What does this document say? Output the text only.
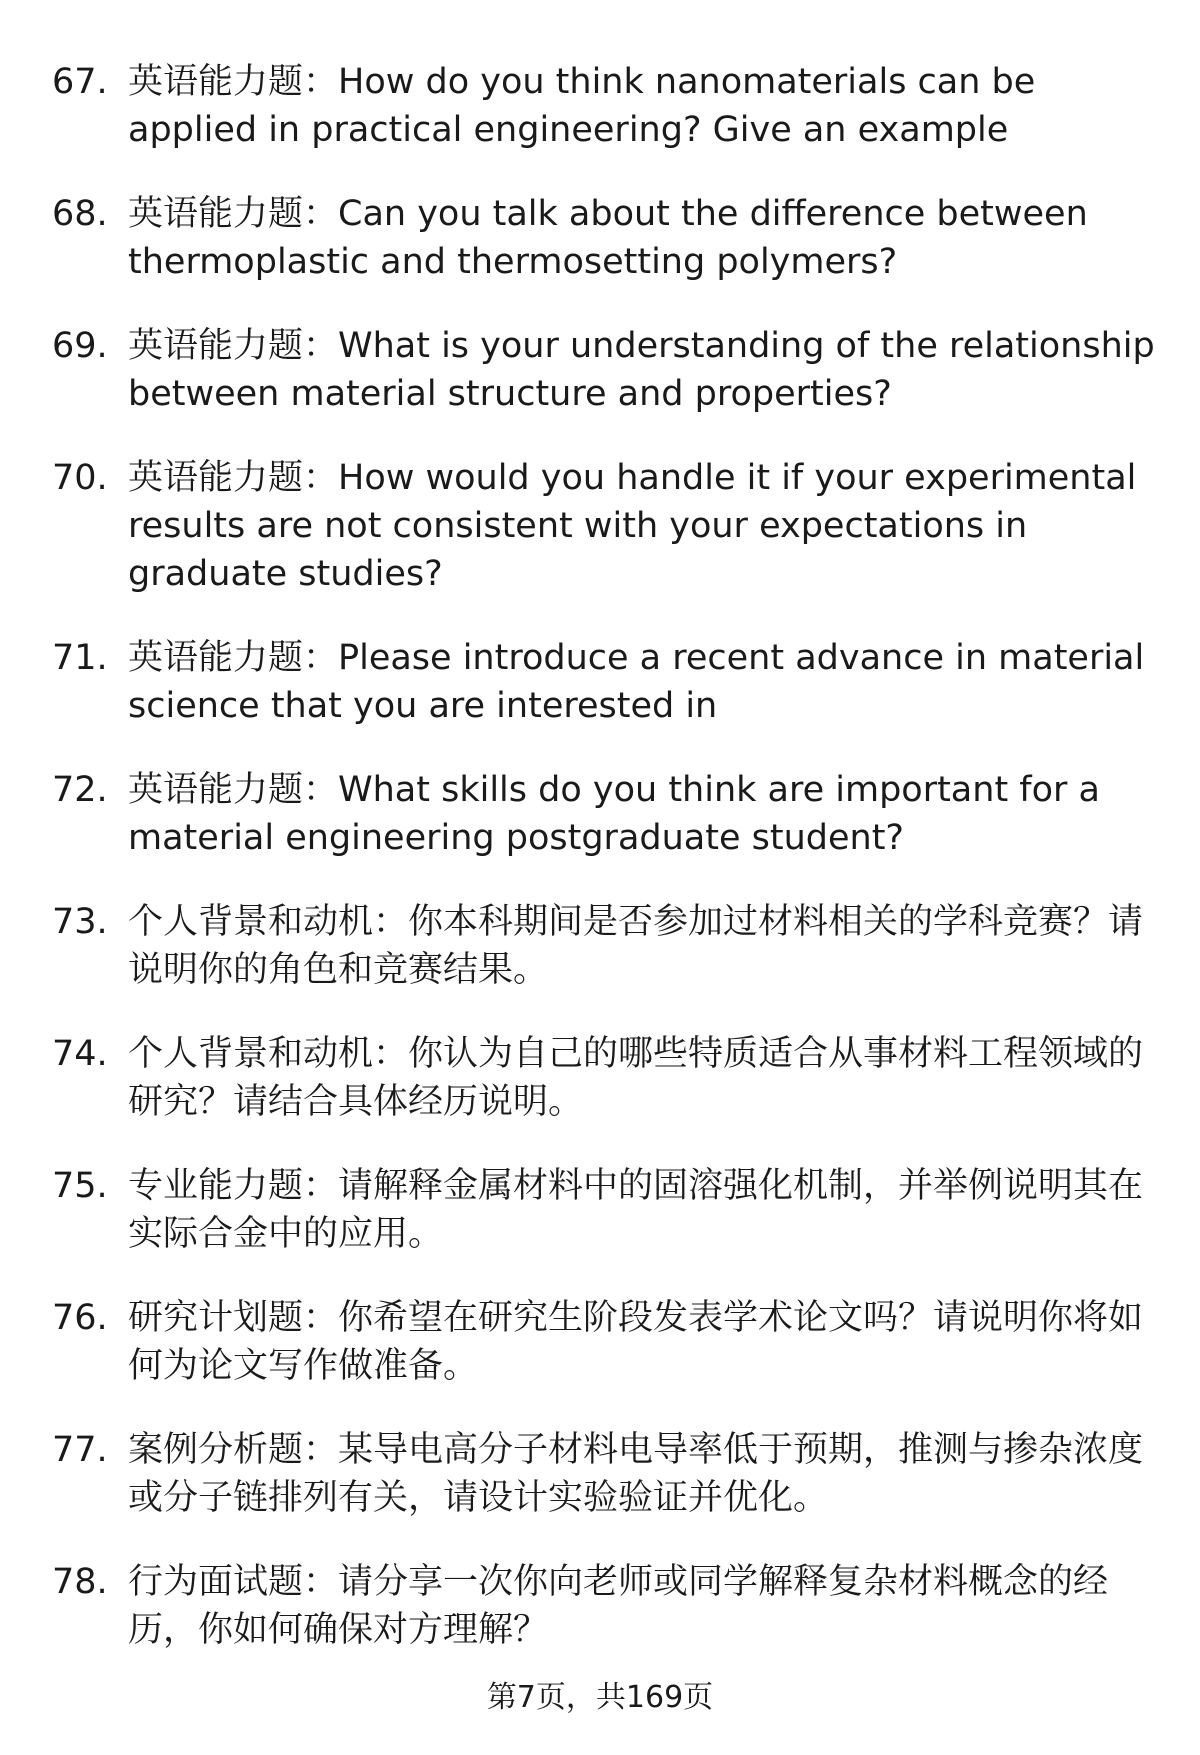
67. 英语能力题：How do you think nanomaterials can be applied in practical engineering? Give an example
68. 英语能力题：Can you talk about the difference between thermoplastic and thermosetting polymers?
69. 英语能力题：What is your understanding of the relationship between material structure and properties?
70. 英语能力题：How would you handle it if your experimental results are not consistent with your expectations in graduate studies?
71. 英语能力题：Please introduce a recent advance in material science that you are interested in
72. 英语能力题：What skills do you think are important for a material engineering postgraduate student?
73. 个人背景和动机：你本科期间是否参加过材料相关的学科竞赛？请说明你的角色和竞赛结果。
74. 个人背景和动机：你认为自己的哪些特质适合从事材料工程领域的研究？请结合具体经历说明。
75. 专业能力题：请解释金属材料中的固溶强化机制，并举例说明其在实际合金中的应用。
76. 研究计划题：你希望在研究生阶段发表学术论文吗？请说明你将如何为论文写作做准备。
77. 案例分析题：某导电高分子材料电导率低于预期，推测与掺杂浓度或分子链排列有关，请设计实验验证并优化。
78. 行为面试题：请分享一次你向老师或同学解释复杂材料概念的经历，你如何确保对方理解？
第7页，共169页
